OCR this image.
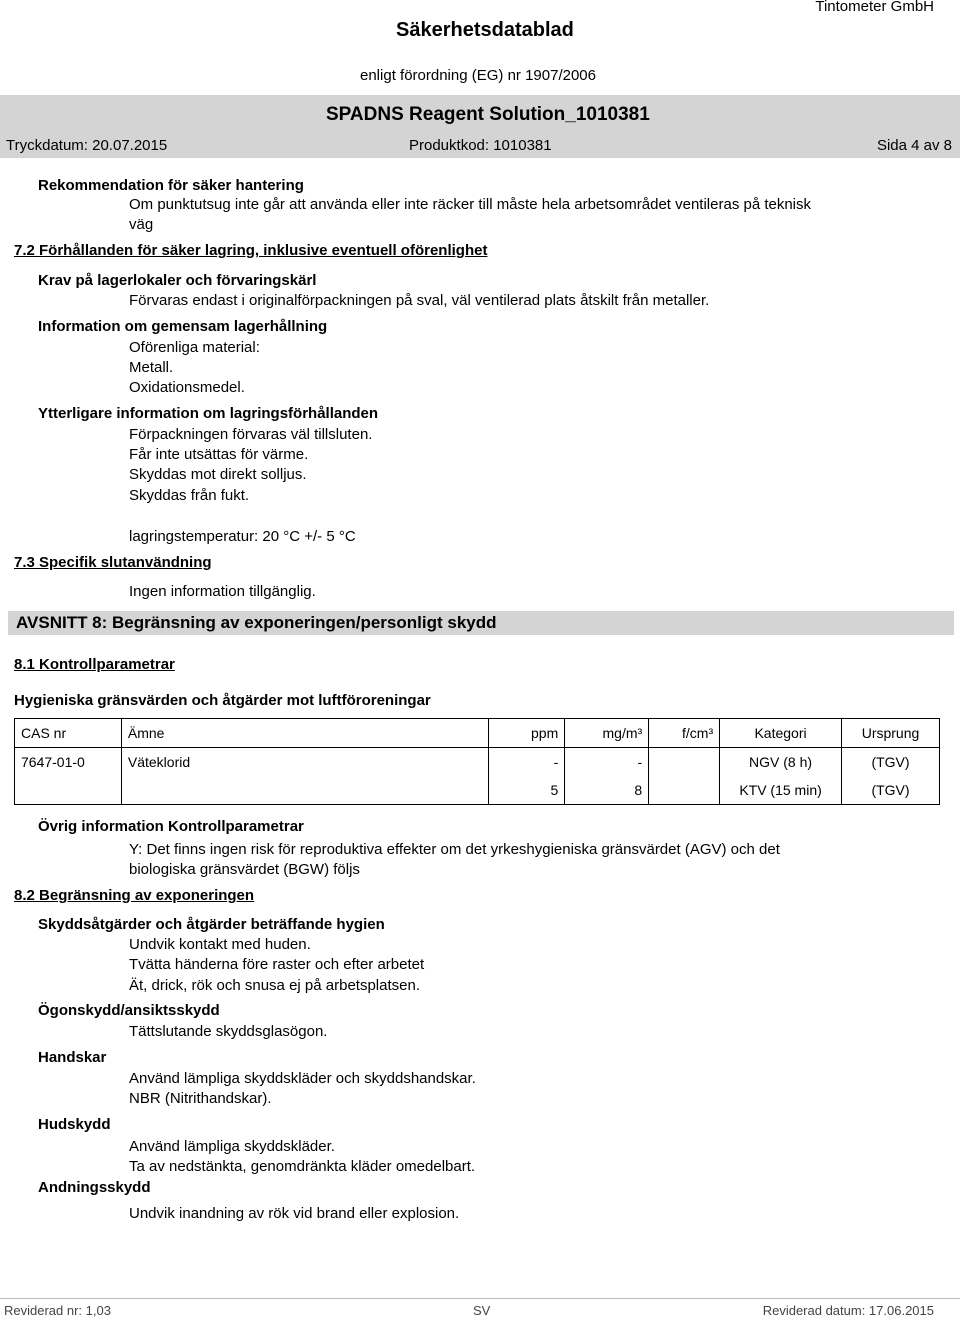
Säkerhetsdatablad
Tintometer GmbH
enligt förordning (EG) nr 1907/2006
SPADNS Reagent Solution_1010381
Tryckdatum: 20.07.2015	Produktkod: 1010381	Sida 4 av 8
Rekommendation för säker hantering
Om punktutsug inte går att använda eller inte räcker till måste hela arbetsområdet ventileras på teknisk
väg
7.2 Förhållanden för säker lagring, inklusive eventuell oförenlighet
Krav på lagerlokaler och förvaringskärl
Förvaras endast i originalförpackningen på sval, väl ventilerad plats åtskilt från metaller.
Information om gemensam lagerhållning
Oförenliga material:
Metall.
Oxidationsmedel.
Ytterligare information om lagringsförhållanden
Förpackningen förvaras väl tillsluten.
Får inte utsättas för värme.
Skyddas mot direkt solljus.
Skyddas från fukt.
lagringstemperatur: 20 °C +/- 5 °C
7.3 Specifik slutanvändning
Ingen information tillgänglig.
AVSNITT 8: Begränsning av exponeringen/personligt skydd
8.1 Kontrollparametrar
Hygieniska gränsvärden och åtgärder mot luftföroreningar
CAS nr	Ämne	ppm	mg/m³	f/cm³	Kategori	Ursprung
7647-01-0	Väteklorid	-	-		NGV (8 h)	(TGV)
		5	8		KTV (15 min)	(TGV)
Övrig information Kontrollparametrar
Y: Det finns ingen risk för reproduktiva effekter om det yrkeshygieniska gränsvärdet (AGV) och det
biologiska gränsvärdet (BGW) följs
8.2 Begränsning av exponeringen
Skyddsåtgärder och åtgärder beträffande hygien
Undvik kontakt med huden.
Tvätta händerna före raster och efter arbetet
Ät, drick, rök och snusa ej på arbetsplatsen.
Ögonskydd/ansiktsskydd
Tättslutande skyddsglasögon.
Handskar
Använd lämpliga skyddskläder och skyddshandskar.
NBR (Nitrithandskar).
Hudskydd
Använd lämpliga skyddskläder.
Ta av nedstänkta, genomdränkta kläder omedelbart.
Andningsskydd
Undvik inandning av rök vid brand eller explosion.
Reviderad nr: 1,03	SV	Reviderad datum: 17.06.2015
